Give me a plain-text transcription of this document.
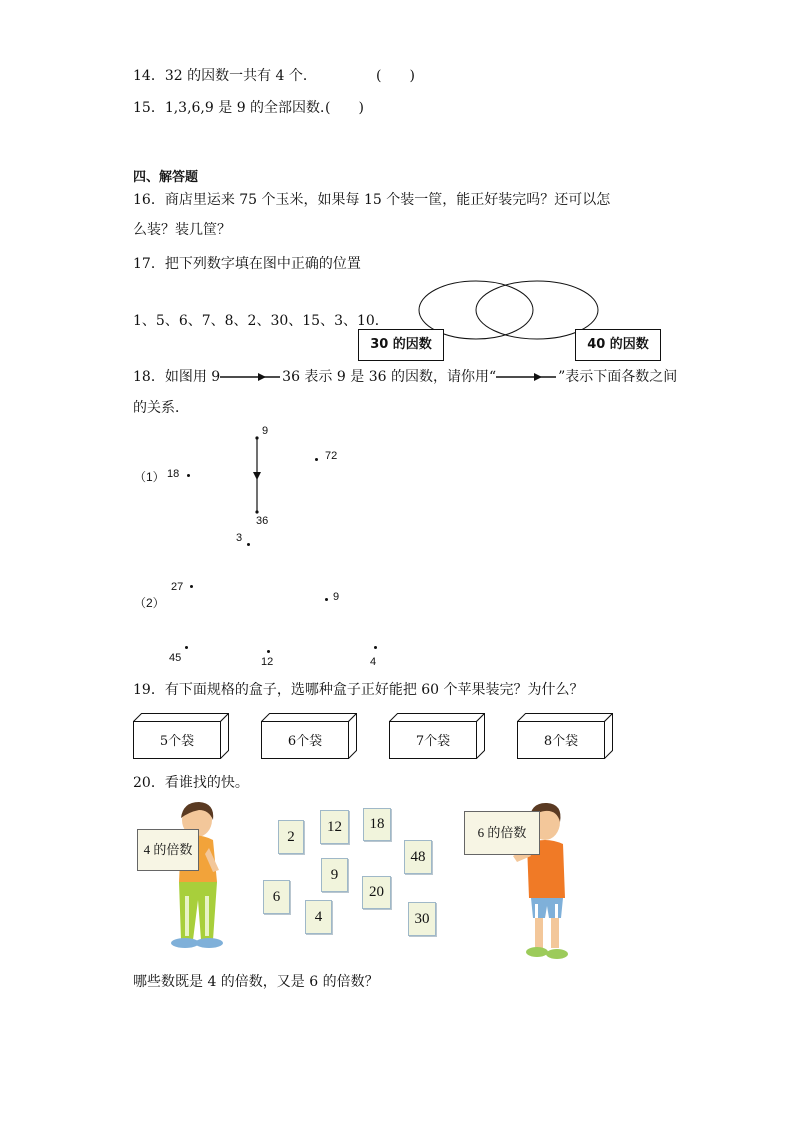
14．32 的因数一共有 4 个．	(　　)
15．1,3,6,9 是 9 的全部因数．
(　　)
四、解答题
16．商店里运来 75 个玉米，如果每 15 个装一筐，能正好装完吗？还可以怎
么装？装几筐？
17．把下列数字填在图中正确的位置
1、5、6、7、8、2、30、15、3、10．
30 的因数	40 的因数
18．如图用 9	36 表示 9 是 36 的因数，请你用“	”表示下面各数之间
的关系．
（1） 18
9
36
72
3
27
（2）	9
45	12	4
19．有下面规格的盒子，选哪种盒子正好能把 60 个苹果装完？为什么？
5个袋	6个袋	7个袋	8个袋
20．看谁找的快。
4 的倍数
2
12	18
48
9
20
6
4	30
6 的倍数
哪些数既是 4 的倍数，又是 6 的倍数？
